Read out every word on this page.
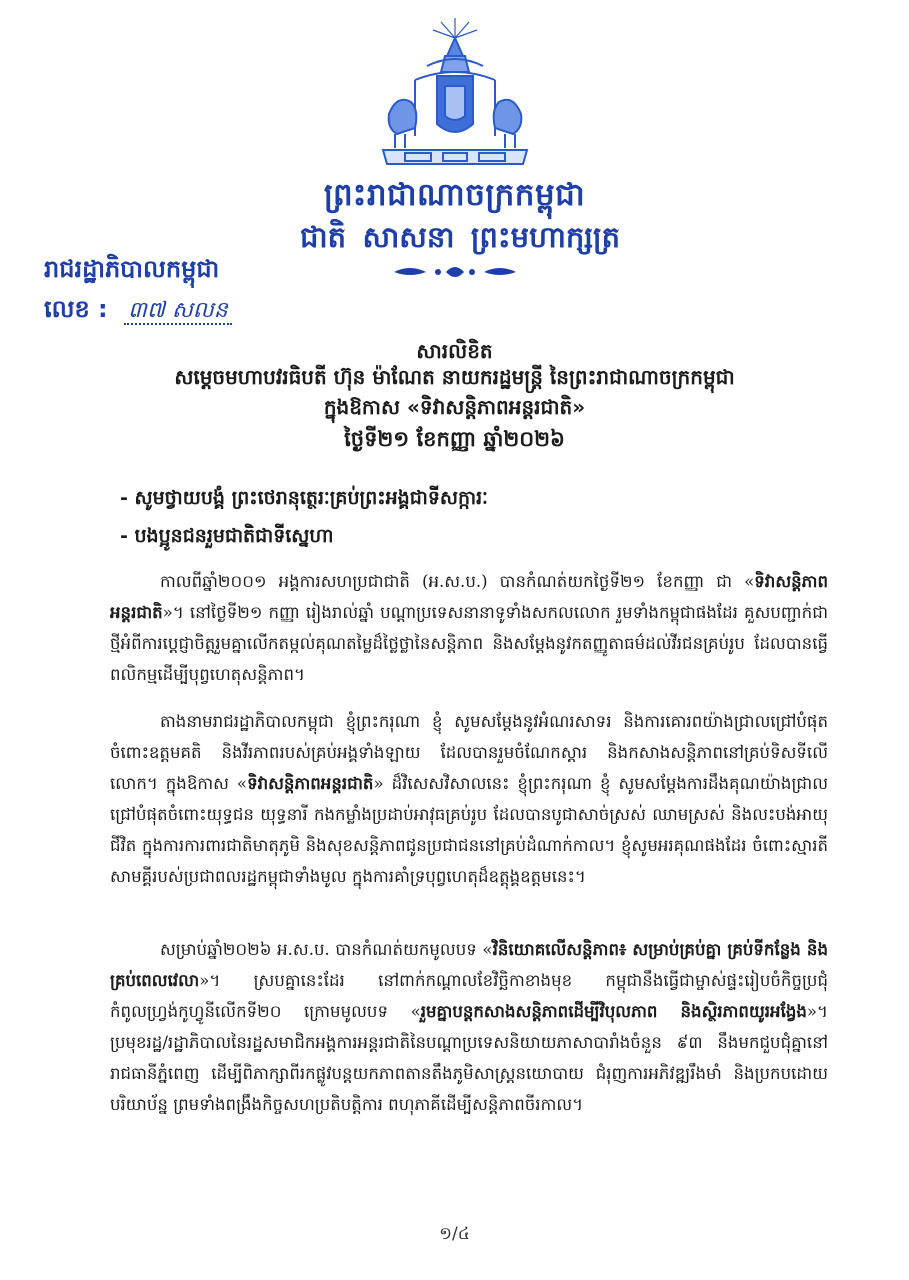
ព្រះរាជាណាចក្រកម្ពុជា
ជាតិ សាសនា ព្រះមហាក្សត្រ
រាជរដ្ឋាភិបាលកម្ពុជា
លេខ : ៣៧ សលន
សារលិខិត
សម្តេចមហាបវរធិបតី ហ៊ុន ម៉ាណែត នាយករដ្ឋមន្ត្រី នៃព្រះរាជាណាចក្រកម្ពុជា
ក្នុងឱកាស «ទិវាសន្តិភាពអន្តរជាតិ»
ថ្ងៃទី២១ ខែកញ្ញា ឆ្នាំ២០២៦
- សូមថ្វាយបង្គំ ព្រះថេរានុត្ថេរៈគ្រប់ព្រះអង្គជាទីសក្ការៈ
- បងប្អូនជនរួមជាតិជាទីស្នេហា
កាលពីឆ្នាំ២០០១ អង្គការសហប្រជាជាតិ (អ.ស.ប.) បានកំណត់យកថ្ងៃទី២១ ខែកញ្ញា ជា «ទិវាសន្តិភាពអន្តរជាតិ»។ នៅថ្ងៃទី២១ កញ្ញា រៀងរាល់ឆ្នាំ បណ្តាប្រទេសនានាទូទាំងសកលលោក រួមទាំងកម្ពុជាផងដែរ គួសបញ្ជាក់ជាថ្មីអំពីការប្តេជ្ញាចិត្តរួមគ្នាលើកតម្កល់គុណតម្លៃដ៏ថ្លៃថ្លានៃសន្តិភាព និងសម្តែងនូវកតញ្ញូតាធម៌ដល់វីរជនគ្រប់រូប ដែលបានធ្វើពលិកម្មដើម្បីបុព្វហេតុសន្តិភាព។
តាងនាមរាជរដ្ឋាភិបាលកម្ពុជា ខ្ញុំព្រះករុណា ខ្ញុំ សូមសម្តែងនូវអំណរសាទរ និងការគោរពយ៉ាងជ្រាលជ្រៅបំផុតចំពោះឧត្តមគតិ និងវីរភាពរបស់គ្រប់អង្គទាំងឡាយ ដែលបានរួមចំណែកស្តារ និងកសាងសន្តិភាពនៅគ្រប់ទិសទីលើលោក។ ក្នុងឱកាស «ទិវាសន្តិភាពអន្តរជាតិ» ដ៏វិសេសវិសាលនេះ ខ្ញុំព្រះករុណា ខ្ញុំ សូមសម្តែងការដឹងគុណយ៉ាងជ្រាលជ្រៅបំផុតចំពោះយុទ្ធជន យុទ្ធនារី កងកម្លាំងប្រដាប់អាវុធគ្រប់រូប ដែលបានបូជាសាច់ស្រស់ ឈាមស្រស់ និងលះបង់អាយុជីវិត ក្នុងការការពារជាតិមាតុភូមិ និងសុខសន្តិភាពជូនប្រជាជននៅគ្រប់ដំណាក់កាល។ ខ្ញុំសូមអរគុណផងដែរ ចំពោះស្មារតីសាមគ្គីរបស់ប្រជាពលរដ្ឋកម្ពុជាទាំងមូល ក្នុងការគាំទ្របុព្វហេតុដ៏ឧត្តុង្គឧត្តមនេះ។
សម្រាប់ឆ្នាំ២០២៦ អ.ស.ប. បានកំណត់យកមូលបទ «វិនិយោគលើសន្តិភាព៖ សម្រាប់គ្រប់គ្នា គ្រប់ទីកន្លែង និងគ្រប់ពេលវេលា»។ ស្របគ្នានេះដែរ នៅពាក់កណ្តាលខែវិច្ឆិកាខាងមុខ កម្ពុជានឹងធ្វើជាម្ចាស់ផ្ទះរៀបចំកិច្ចប្រជុំកំពូលហ្វ្រង់កូហ្វូនីលើកទី២០ ក្រោមមូលបទ «រួមគ្នាបន្តកសាងសន្តិភាពដើម្បីវិបុលភាព និងស្ថិរភាពយូរអង្វែង»។ ប្រមុខរដ្ឋ/រដ្ឋាភិបាលនៃរដ្ឋសមាជិកអង្គការអន្តរជាតិនៃបណ្តាប្រទេសនិយាយភាសាបារាំងចំនួន ៩៣ នឹងមកជួបជុំគ្នានៅរាជធានីភ្នំពេញ ដើម្បីពិភាក្សាពីរកផ្លូវបន្តយកភាពតានតឹងភូមិសាស្ត្រនយោបាយ ជំរុញការអភិវឌ្ឍរឹងមាំ និងប្រកបដោយបរិយាប័ន្ន ព្រមទាំងពង្រឹងកិច្ចសហប្រតិបត្តិការ ពហុភាគីដើម្បីសន្តិភាពចីរកាល។
១/៤
